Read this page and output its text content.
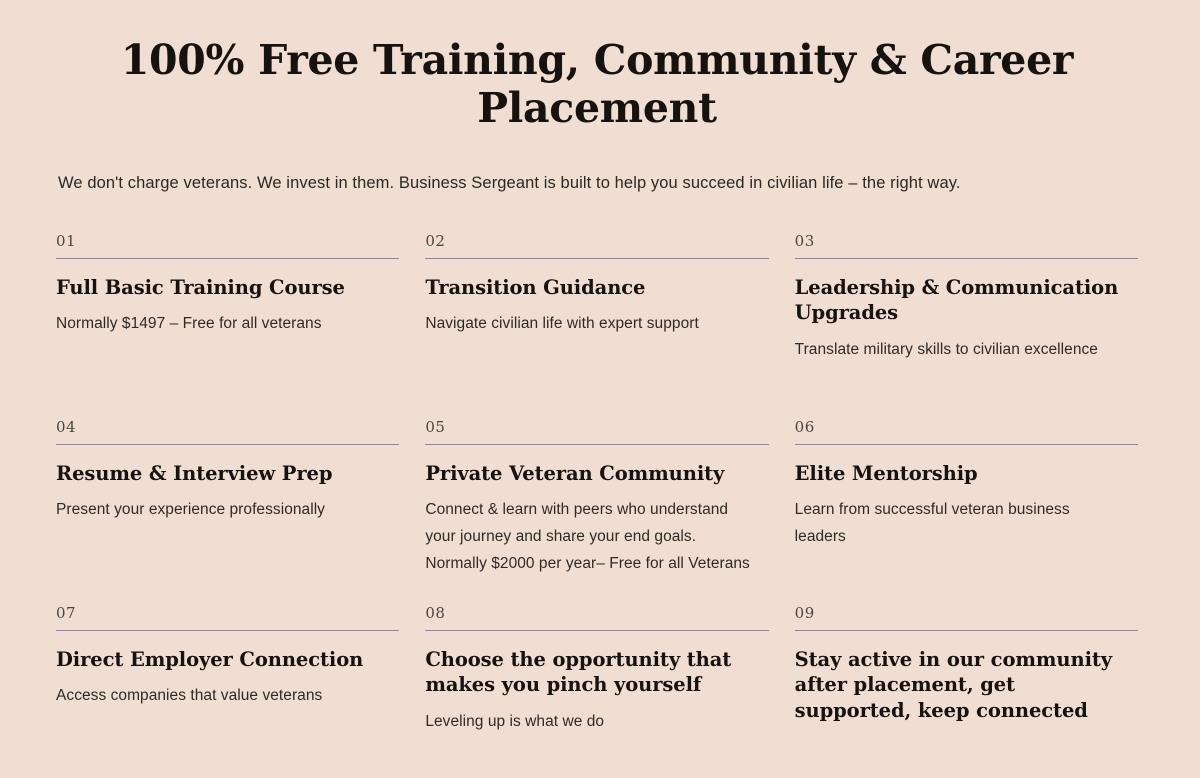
100% Free Training, Community & Career Placement

We don't charge veterans. We invest in them. Business Sergeant is built to help you succeed in civilian life – the right way.

01
Full Basic Training Course
Normally $1497 – Free for all veterans
02
Transition Guidance
Navigate civilian life with expert support
03
Leadership & Communication Upgrades
Translate military skills to civilian excellence
04
Resume & Interview Prep
Present your experience professionally
05
Private Veteran Community
Connect & learn with peers who understand your journey and share your end goals. Normally $2000 per year– Free for all Veterans
06
Elite Mentorship
Learn from successful veteran business leaders
07
Direct Employer Connection
Access companies that value veterans
08
Choose the opportunity that makes you pinch yourself
Leveling up is what we do
09
Stay active in our community after placement, get supported, keep connected
